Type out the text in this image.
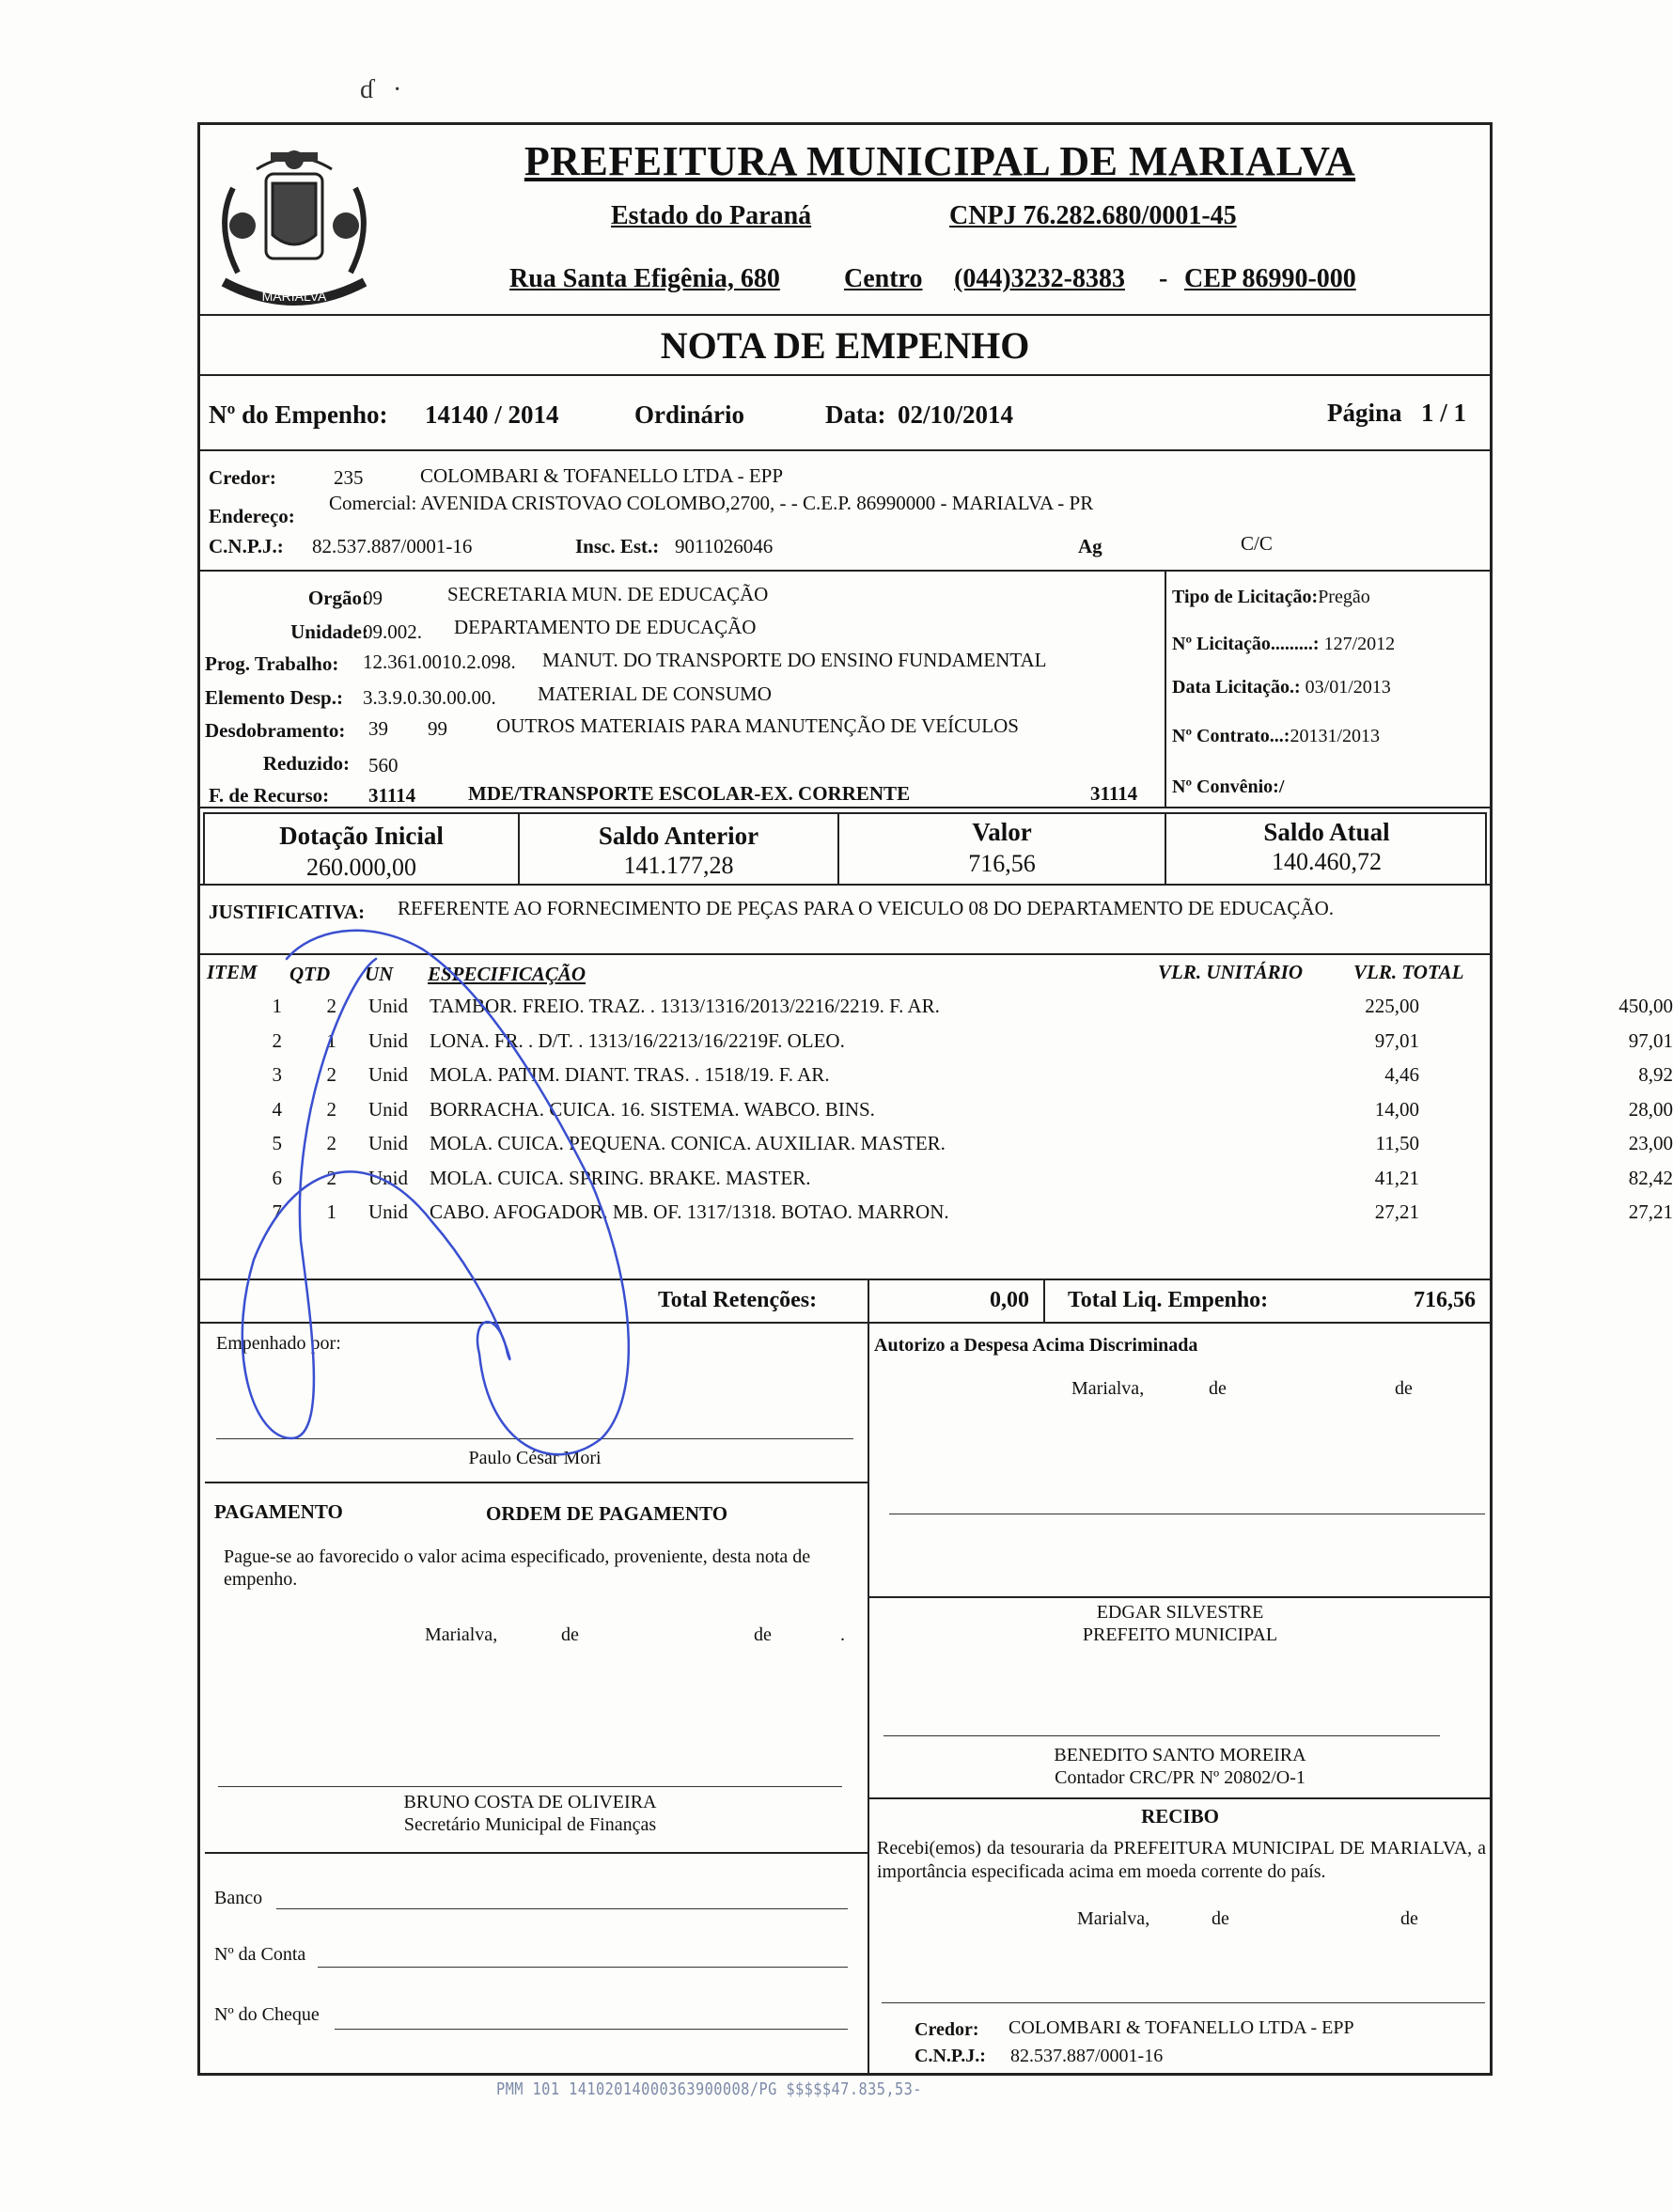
ɗ   ·
MARIALVA
PREFEITURA MUNICIPAL DE MARIALVA
Estado do Paraná	CNPJ 76.282.680/0001-45
Rua Santa Efigênia, 680 Centro (044)3232-8383 - CEP 86990-000
NOTA DE EMPENHO
Nº do Empenho: 14140 / 2014	Ordinário	Data: 02/10/2014	Página 1 / 1
Credor:	235	COLOMBARI & TOFANELLO LTDA - EPP
Endereço:
Comercial: AVENIDA CRISTOVAO COLOMBO,2700, - - C.E.P. 86990000 - MARIALVA - PR
C.N.P.J.: 82.537.887/0001-16	Insc. Est.: 9011026046	Ag	C/C
Orgão:
09	SECRETARIA MUN. DE EDUCAÇÃO
Unidade:
09.002. DEPARTAMENTO DE EDUCAÇÃO
Prog. Trabalho: 12.361.0010.2.098. MANUT. DO TRANSPORTE DO ENSINO FUNDAMENTAL
Elemento Desp.: 3.3.9.0.30.00.00. MATERIAL DE CONSUMO
Desdobramento: 39 99 OUTROS MATERIAIS PARA MANUTENÇÃO DE VEÍCULOS
Reduzido: 560
F. de Recurso: 31114	MDE/TRANSPORTE ESCOLAR-EX. CORRENTE	31114
Tipo de Licitação:Pregão
Nº Licitação.........: 127/2012
Data Licitação.: 03/01/2013
Nº Contrato...:20131/2013
Nº Convênio:/
Dotação Inicial
260.000,00
Saldo Anterior
141.177,28
Valor
716,56
Saldo Atual
140.460,72
JUSTIFICATIVA: REFERENTE AO FORNECIMENTO DE PEÇAS PARA O VEICULO 08 DO DEPARTAMENTO DE EDUCAÇÃO.
ITEM QTD UN ESPECIFICAÇÃO	VLR. UNITÁRIO	VLR. TOTAL
1	2 Unid TAMBOR. FREIO. TRAZ. . 1313/1316/2013/2216/2219. F. AR.	225,00	450,00
2	1 Unid LONA. FR. . D/T. . 1313/16/2213/16/2219F. OLEO.	97,01	97,01
3	2 Unid MOLA. PATIM. DIANT. TRAS. . 1518/19. F. AR.	4,46	8,92
4	2 Unid BORRACHA. CUICA. 16. SISTEMA. WABCO. BINS.	14,00	28,00
5	2 Unid MOLA. CUICA. PEQUENA. CONICA. AUXILIAR. MASTER.	11,50	23,00
6	2 Unid MOLA. CUICA. SPRING. BRAKE. MASTER.	41,21	82,42
7	1 Unid CABO. AFOGADOR. MB. OF. 1317/1318. BOTAO. MARRON.	27,21	27,21
Total Retenções:	0,00 Total Liq. Empenho:	716,56
Empenhado por:
Paulo César Mori
PAGAMENTO	ORDEM DE PAGAMENTO
Pague-se ao favorecido o valor acima especificado, proveniente, desta nota de empenho.
Marialva,	de	de	.
BRUNO COSTA DE OLIVEIRA
Secretário Municipal de Finanças
Banco
Nº da Conta
Nº do Cheque
Autorizo a Despesa Acima Discriminada
Marialva,	de	de
EDGAR SILVESTRE
PREFEITO MUNICIPAL
BENEDITO SANTO MOREIRA
Contador CRC/PR Nº 20802/O-1
RECIBO
Recebi(emos) da tesouraria da PREFEITURA MUNICIPAL DE MARIALVA, a importância especificada acima em moeda corrente do país.
Marialva,	de	de
Credor: COLOMBARI & TOFANELLO LTDA - EPP
C.N.P.J.: 82.537.887/0001-16
PMM 101 14102014000363900008/PG $$$$$47.835,53-
